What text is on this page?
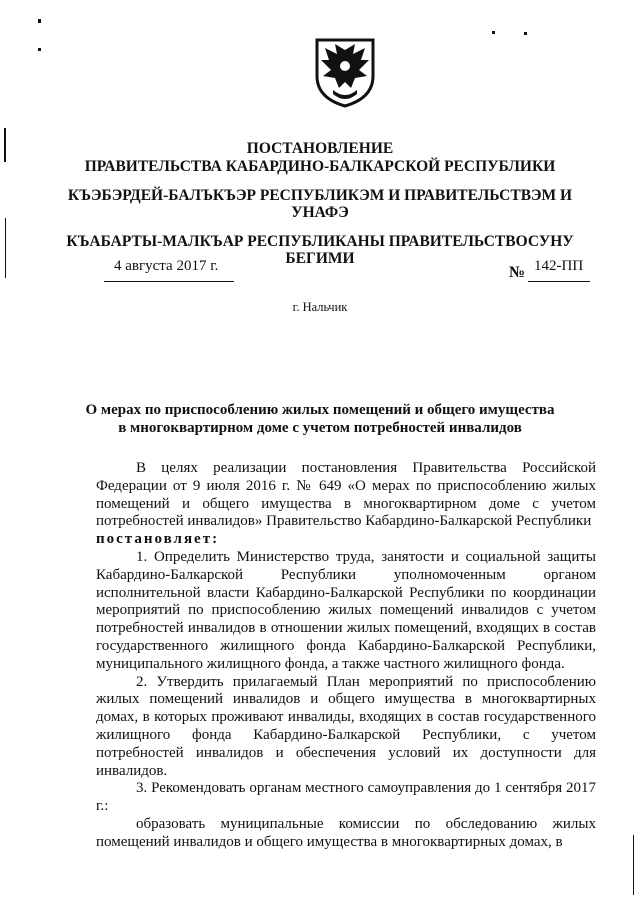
ПОСТАНОВЛЕНИЕ
ПРАВИТЕЛЬСТВА КАБАРДИНО-БАЛКАРСКОЙ РЕСПУБЛИКИ
КЪЭБЭРДЕЙ-БАЛЪКЪЭР РЕСПУБЛИКЭМ И ПРАВИТЕЛЬСТВЭМ И
УНАФЭ
КЪАБАРТЫ-МАЛКЪАР РЕСПУБЛИКАНЫ ПРАВИТЕЛЬСТВОСУНУ
БЕГИМИ
4 августа 2017 г.	№ 142-ПП
г. Нальчик
О мерах по приспособлению жилых помещений и общего имущества
в многоквартирном доме с учетом потребностей инвалидов

В целях реализации постановления Правительства Российской Федерации от 9 июля 2016 г. № 649 «О мерах по приспособлению жилых помещений и общего имущества в многоквартирном доме с учетом потребностей инвалидов» Правительство Кабардино-Балкарской Республики

постановляет:

1. Определить Министерство труда, занятости и социальной защиты Кабардино-Балкарской Республики уполномоченным органом исполнительной власти Кабардино-Балкарской Республики по координации мероприятий по приспособлению жилых помещений инвалидов с учетом потребностей инвалидов в отношении жилых помещений, входящих в состав государственного жилищного фонда Кабардино-Балкарской Республики, муниципального жилищного фонда, а также частного жилищного фонда.

2. Утвердить прилагаемый План мероприятий по приспособлению жилых помещений инвалидов и общего имущества в многоквартирных домах, в которых проживают инвалиды, входящих в состав государственного жилищного фонда Кабардино-Балкарской Республики, с учетом потребностей инвалидов и обеспечения условий их доступности для инвалидов.

3. Рекомендовать органам местного самоуправления до 1 сентября 2017 г.:

образовать муниципальные комиссии по обследованию жилых помещений инвалидов и общего имущества в многоквартирных домах, в
